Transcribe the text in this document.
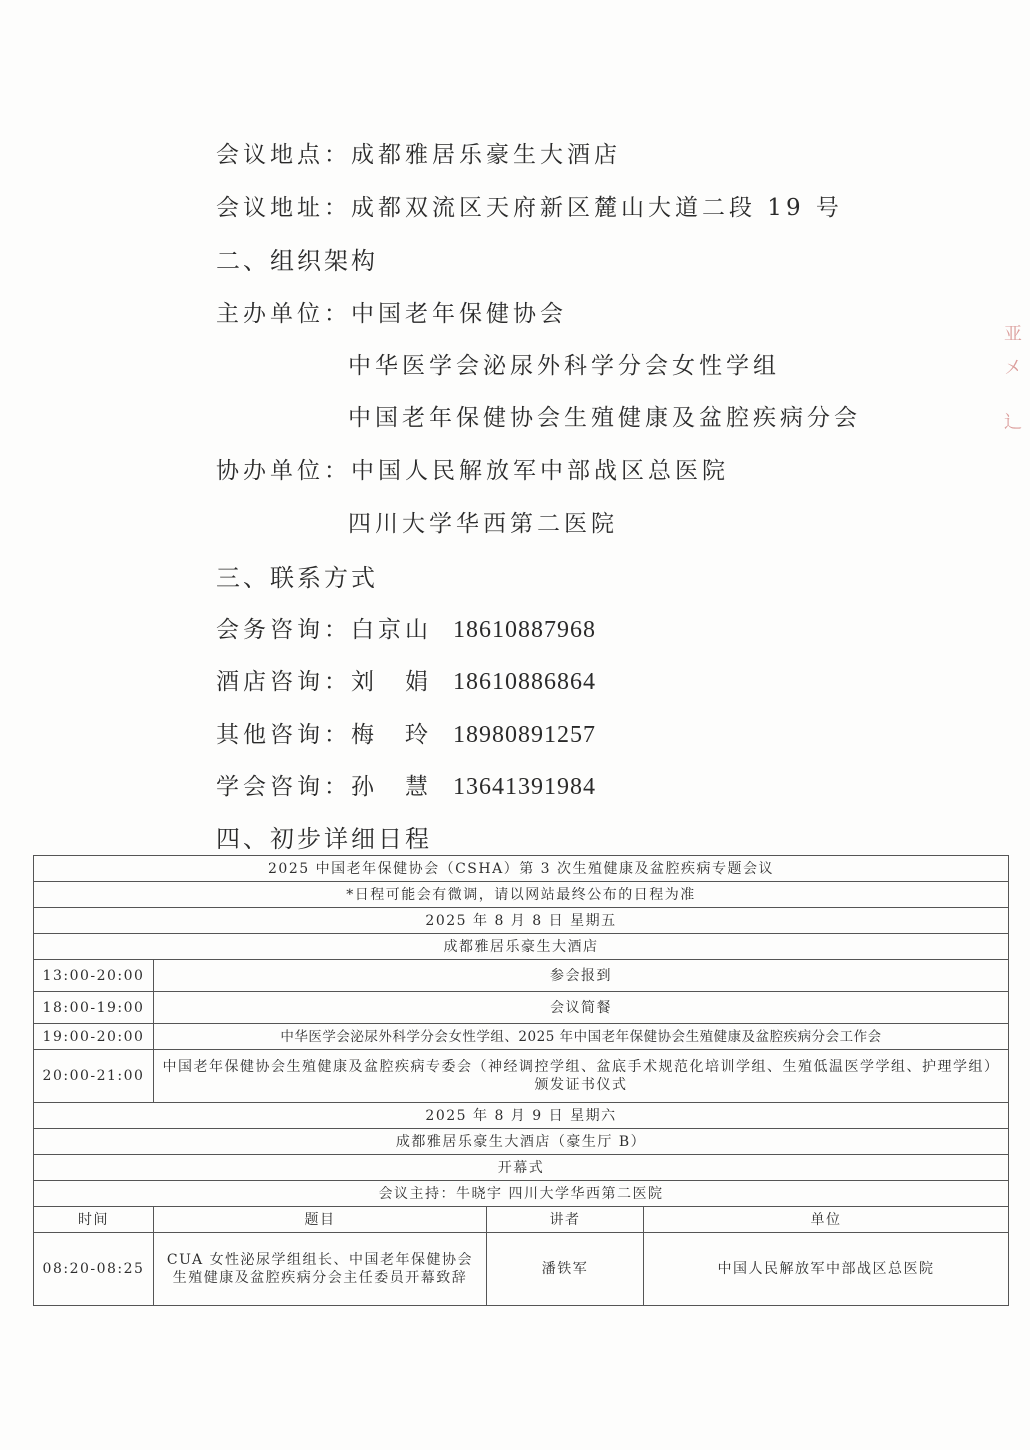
会议地点：成都雅居乐豪生大酒店
会议地址：成都双流区天府新区麓山大道二段 19 号
二、组织架构
主办单位：中国老年保健协会
中华医学会泌尿外科学分会女性学组
中国老年保健协会生殖健康及盆腔疾病分会
协办单位：中国人民解放军中部战区总医院
四川大学华西第二医院
三、联系方式
会务咨询：白京山 18610887968
酒店咨询：刘　娟 18610886864
其他咨询：梅　玲 18980891257
学会咨询：孙　慧 13641391984
四、初步详细日程
亚
㐅
辶
2025 中国老年保健协会（CSHA）第 3 次生殖健康及盆腔疾病专题会议			
*日程可能会有微调，请以网站最终公布的日程为准			
2025 年 8 月 8 日 星期五			
成都雅居乐豪生大酒店			
13:00-20:00	参会报到		
18:00-19:00	会议简餐		
19:00-20:00	中华医学会泌尿外科学分会女性学组、2025 年中国老年保健协会生殖健康及盆腔疾病分会工作会		
20:00-21:00	中国老年保健协会生殖健康及盆腔疾病专委会（神经调控学组、盆底手术规范化培训学组、生殖低温医学学组、护理学组）颁发证书仪式		
2025 年 8 月 9 日 星期六			
成都雅居乐豪生大酒店（豪生厅 B）			
开幕式			
会议主持：牛晓宇 四川大学华西第二医院			
时间	题目	讲者	单位
08:20-08:25	CUA 女性泌尿学组组长、中国老年保健协会生殖健康及盆腔疾病分会主任委员开幕致辞	潘铁军	中国人民解放军中部战区总医院
